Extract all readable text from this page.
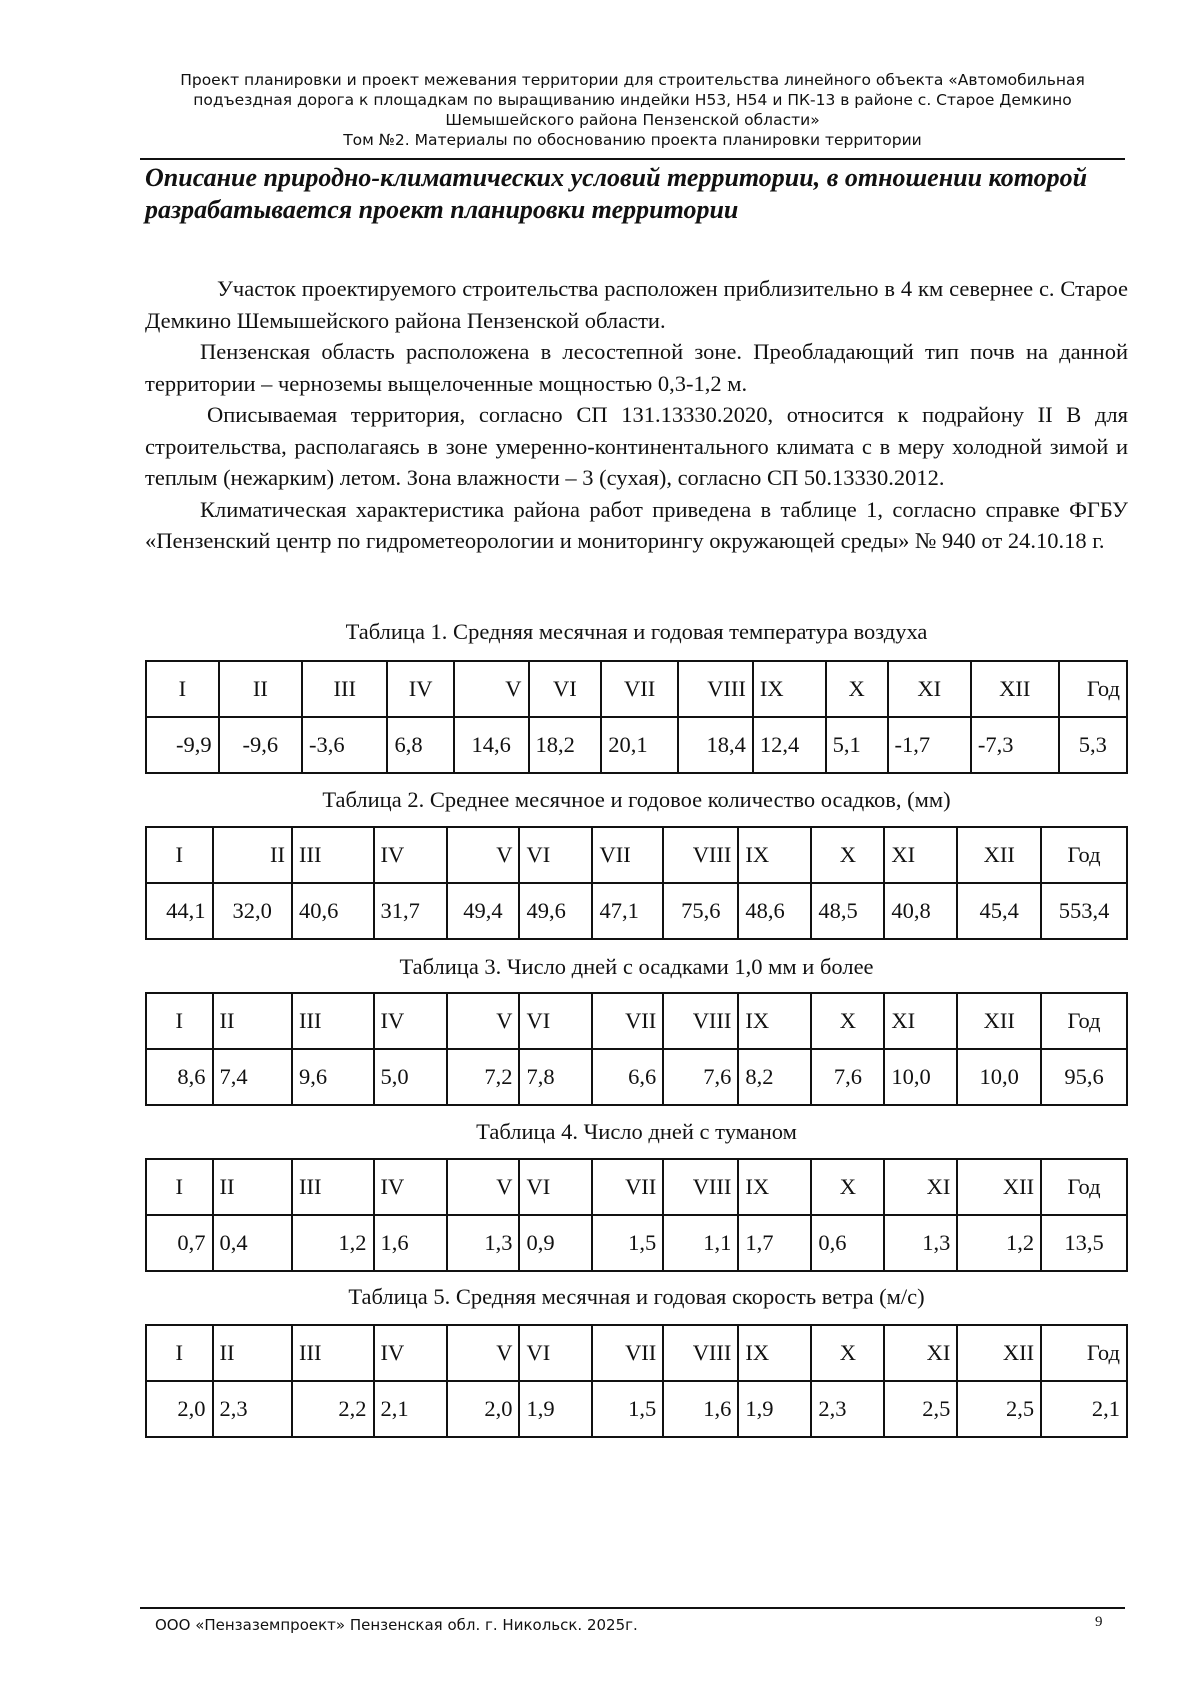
Проект планировки и проект межевания территории для строительства линейного объекта «Автомобильная
подъездная дорога к площадкам по выращиванию индейки Н53, Н54 и ПК-13 в районе с. Старое Демкино
Шемышейского района Пензенской области»
Том №2. Материалы по обоснованию проекта планировки территории
Описание природно-климатических условий территории, в отношении которой разрабатывается проект планировки территории

Участок проектируемого строительства расположен приблизительно в 4 км севернее с. Старое Демкино Шемышейского района Пензенской области.

Пензенская область расположена в лесостепной зоне. Преобладающий тип почв на данной территории – черноземы выщелоченные мощностью 0,3-1,2 м.

Описываемая территория, согласно СП 131.13330.2020, относится к подрайону II В для строительства, располагаясь в зоне умеренно-континентального климата с в меру холодной зимой и теплым (нежарким) летом. Зона влажности – 3 (сухая), согласно СП 50.13330.2012.

Климатическая характеристика района работ приведена в таблице 1, согласно справке ФГБУ «Пензенский центр по гидрометеорологии и мониторингу окружающей среды» № 940 от 24.10.18 г.

Таблица 1. Средняя месячная и годовая температура воздуха
I	II	III	IV	V	VI	VII	VIII	IX	X	XI	XII	Год
-9,9	-9,6	-3,6	6,8	14,6	18,2	20,1	18,4	12,4	5,1	-1,7	-7,3	5,3
Таблица 2. Среднее месячное и годовое количество осадков, (мм)
I	II	III	IV	V	VI	VII	VIII	IX	X	XI	XII	Год
44,1	32,0	40,6	31,7	49,4	49,6	47,1	75,6	48,6	48,5	40,8	45,4	553,4
Таблица 3. Число дней с осадками 1,0 мм и более
I	II	III	IV	V	VI	VII	VIII	IX	X	XI	XII	Год
8,6	7,4	9,6	5,0	7,2	7,8	6,6	7,6	8,2	7,6	10,0	10,0	95,6
Таблица 4. Число дней с туманом
I	II	III	IV	V	VI	VII	VIII	IX	X	XI	XII	Год
0,7	0,4	1,2	1,6	1,3	0,9	1,5	1,1	1,7	0,6	1,3	1,2	13,5
Таблица 5. Средняя месячная и годовая скорость ветра (м/с)
I	II	III	IV	V	VI	VII	VIII	IX	X	XI	XII	Год
2,0	2,3	2,2	2,1	2,0	1,9	1,5	1,6	1,9	2,3	2,5	2,5	2,1
ООО «Пензаземпроект» Пензенская обл. г. Никольск. 2025г.	9
